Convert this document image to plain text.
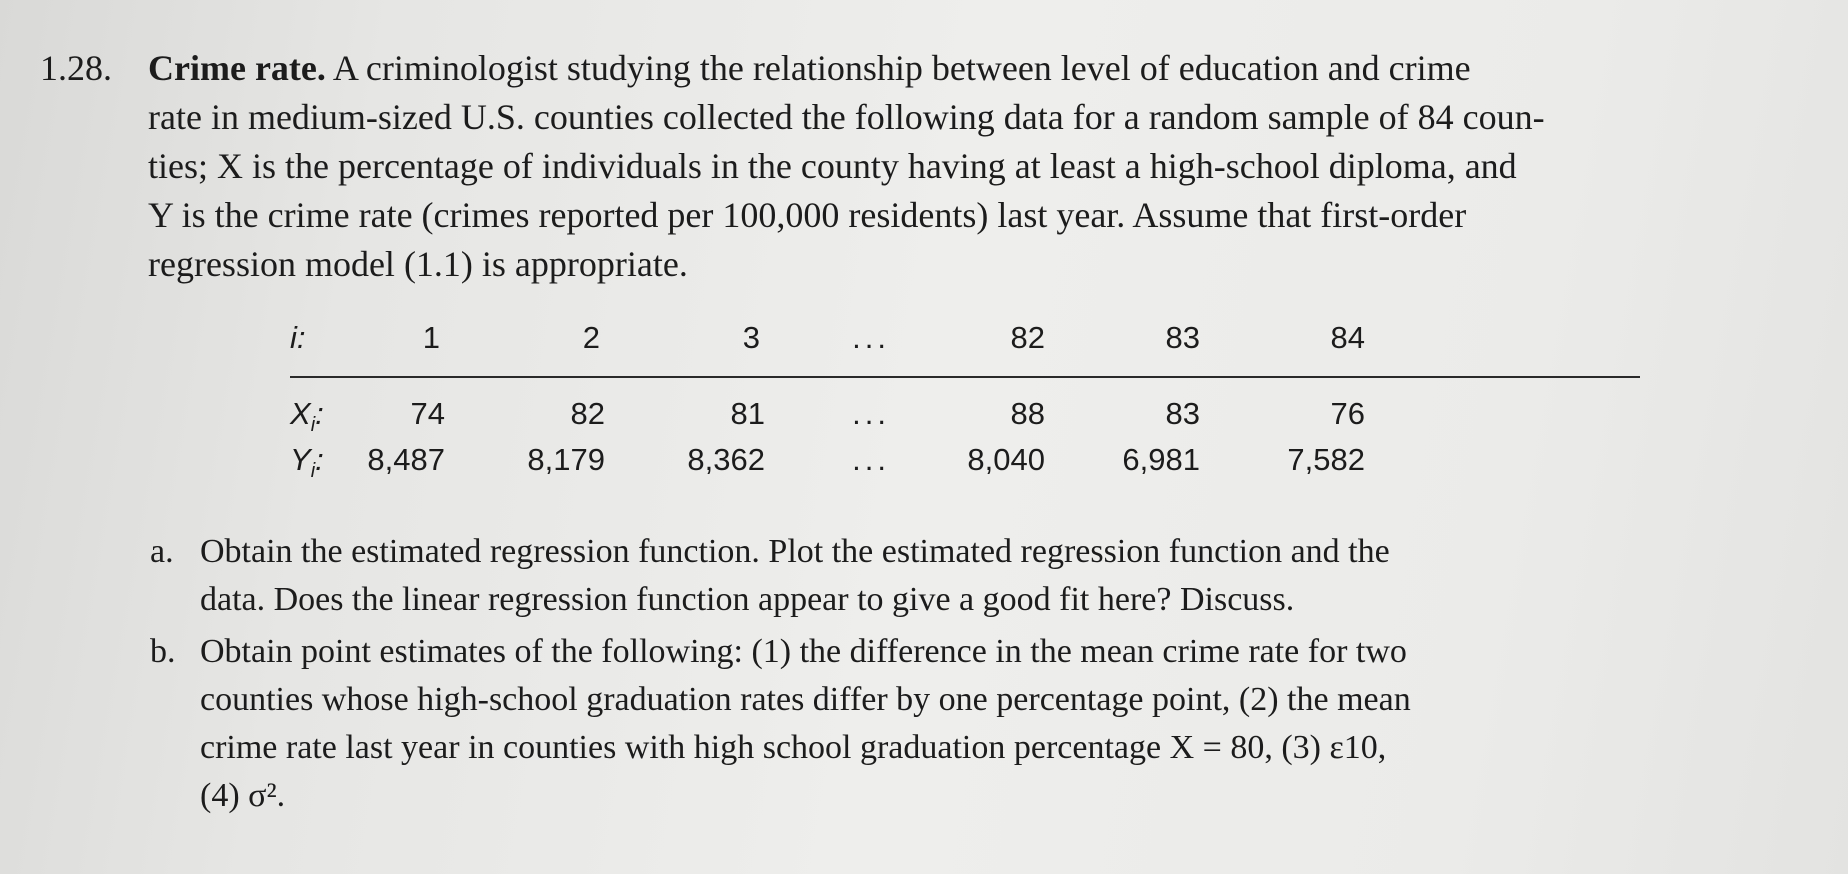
1.28. Crime rate. A criminologist studying the relationship between level of education and crime
rate in medium-sized U.S. counties collected the following data for a random sample of 84 coun-
ties; X is the percentage of individuals in the county having at least a high-school diploma, and
Y is the crime rate (crimes reported per 100,000 residents) last year. Assume that first-order
regression model (1.1) is appropriate.
i:	1	2	3	...	82	83	84
$X_i$:	74	82	81	...	88	83	76
$Y_i$:	8,487	8,179	8,362	...	8,040	6,981	7,582
a. Obtain the estimated regression function. Plot the estimated regression function and the
data. Does the linear regression function appear to give a good fit here? Discuss.
b. Obtain point estimates of the following: (1) the difference in the mean crime rate for two
counties whose high-school graduation rates differ by one percentage point, (2) the mean
crime rate last year in counties with high school graduation percentage X = 80, (3) ε10,
(4) σ².
